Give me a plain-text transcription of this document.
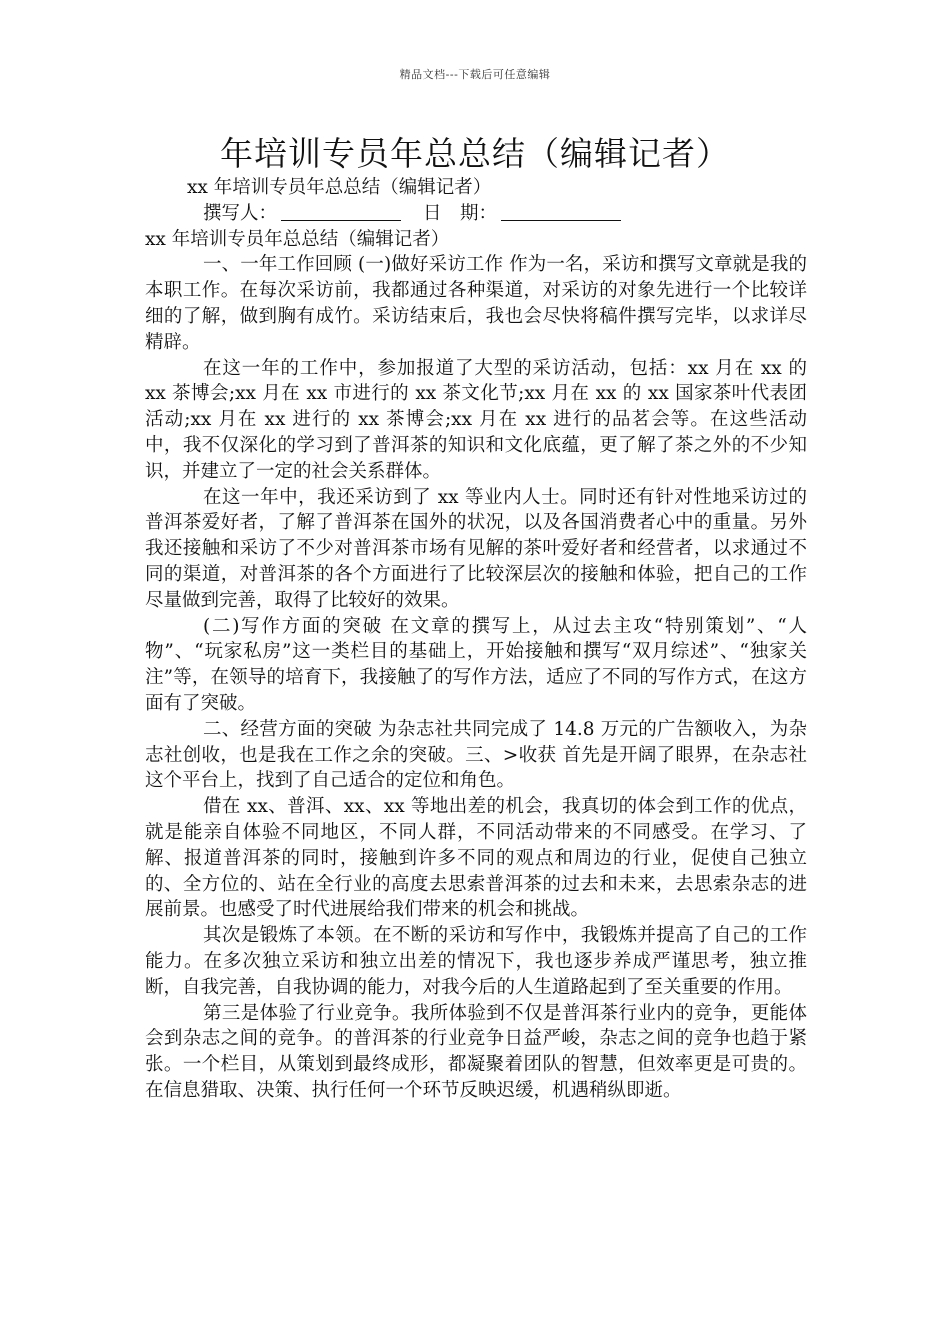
精品文档---下载后可任意编辑
年培训专员年总总结（编辑记者）

xx 年培训专员年总总结（编辑记者）

撰写人：	日　期：

xx 年培训专员年总总结（编辑记者）

一、一年工作回顾 (一)做好采访工作 作为一名，采访和撰写文章就是我的本职工作。在每次采访前，我都通过各种渠道，对采访的对象先进行一个比较详细的了解，做到胸有成竹。采访结束后，我也会尽快将稿件撰写完毕，以求详尽精辟。

在这一年的工作中，参加报道了大型的采访活动，包括：xx 月在 xx 的 xx 茶博会;xx 月在 xx 市进行的 xx 茶文化节;xx 月在 xx 的 xx 国家茶叶代表团活动;xx 月在 xx 进行的 xx 茶博会;xx 月在 xx 进行的品茗会等。在这些活动中，我不仅深化的学习到了普洱茶的知识和文化底蕴，更了解了茶之外的不少知识，并建立了一定的社会关系群体。

在这一年中，我还采访到了 xx 等业内人士。同时还有针对性地采访过的普洱茶爱好者，了解了普洱茶在国外的状况，以及各国消费者心中的重量。另外我还接触和采访了不少对普洱茶市场有见解的茶叶爱好者和经营者，以求通过不同的渠道，对普洱茶的各个方面进行了比较深层次的接触和体验，把自己的工作尽量做到完善，取得了比较好的效果。

(二)写作方面的突破 在文章的撰写上，从过去主攻“特别策划”、“人物”、“玩家私房”这一类栏目的基础上，开始接触和撰写“双月综述”、“独家关注”等，在领导的培育下，我接触了的写作方法，适应了不同的写作方式，在这方面有了突破。

二、经营方面的突破 为杂志社共同完成了 14.8 万元的广告额收入，为杂志社创收，也是我在工作之余的突破。三、>收获 首先是开阔了眼界，在杂志社这个平台上，找到了自己适合的定位和角色。

借在 xx、普洱、xx、xx 等地出差的机会，我真切的体会到工作的优点，就是能亲自体验不同地区，不同人群，不同活动带来的不同感受。在学习、了解、报道普洱茶的同时，接触到许多不同的观点和周边的行业，促使自己独立的、全方位的、站在全行业的高度去思索普洱茶的过去和未来，去思索杂志的进展前景。也感受了时代进展给我们带来的机会和挑战。

其次是锻炼了本领。在不断的采访和写作中，我锻炼并提高了自己的工作能力。在多次独立采访和独立出差的情况下，我也逐步养成严谨思考，独立推断，自我完善，自我协调的能力，对我今后的人生道路起到了至关重要的作用。

第三是体验了行业竞争。我所体验到不仅是普洱茶行业内的竞争，更能体会到杂志之间的竞争。的普洱茶的行业竞争日益严峻，杂志之间的竞争也趋于紧张。一个栏目，从策划到最终成形，都凝聚着团队的智慧，但效率更是可贵的。在信息猎取、决策、执行任何一个环节反映迟缓，机遇稍纵即逝。
